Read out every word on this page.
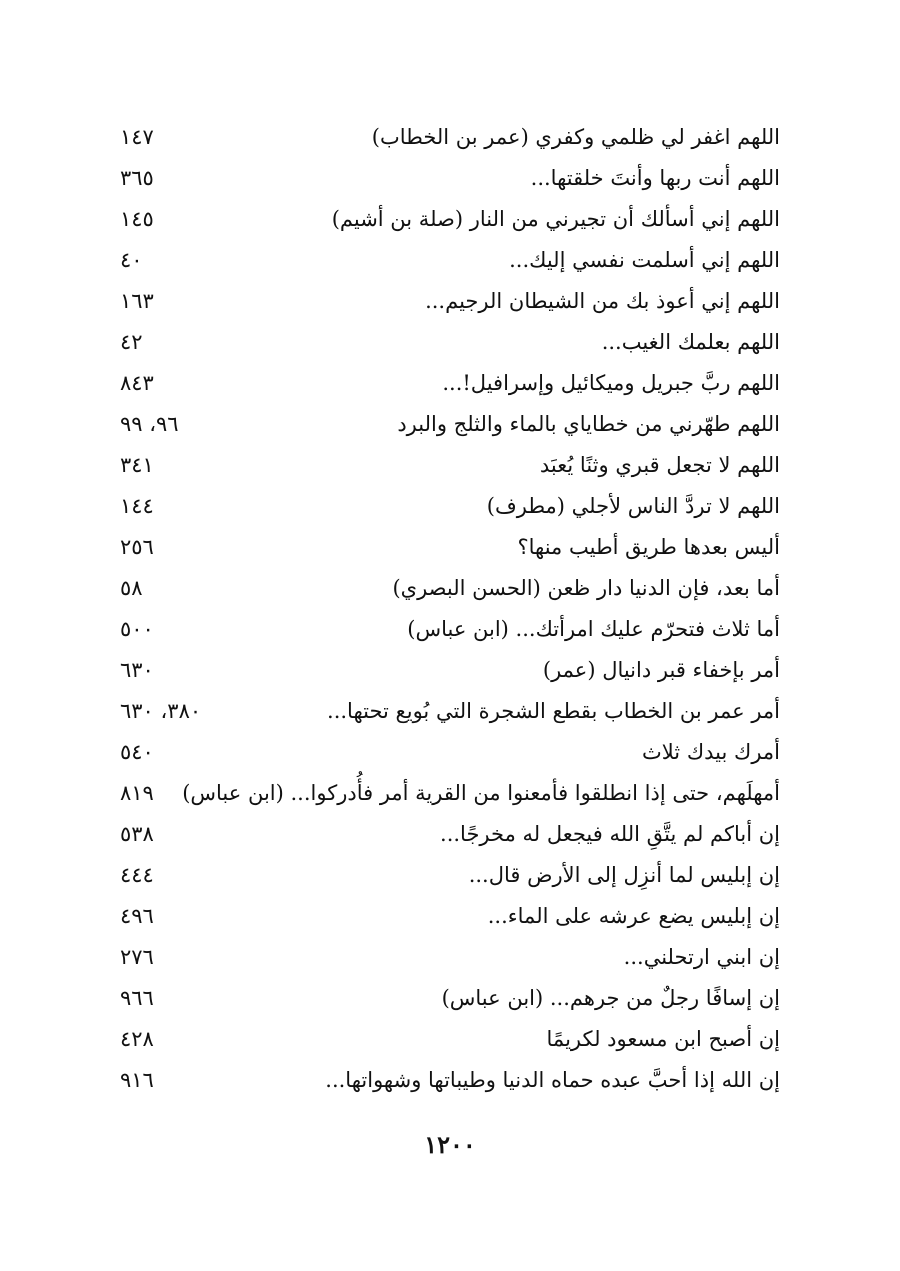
اللهم اغفر لي ظلمي وكفري (عمر بن الخطاب)
١٤٧
اللهم أنت ربها وأنتَ خلقتها...
٣٦٥
اللهم إني أسألك أن تجيرني من النار (صلة بن أشيم)
١٤٥
اللهم إني أسلمت نفسي إليك...
٤٠
اللهم إني أعوذ بك من الشيطان الرجيم...
١٦٣
اللهم بعلمك الغيب...
٤٢
اللهم ربَّ جبريل وميكائيل وإسرافيل!...
٨٤٣
اللهم طهّرني من خطاياي بالماء والثلج والبرد
٩٦، ٩٩
اللهم لا تجعل قبري وثنًا يُعبَد
٣٤١
اللهم لا تردَّ الناس لأجلي (مطرف)
١٤٤
أليس بعدها طريق أطيب منها؟
٢٥٦
أما بعد، فإن الدنيا دار ظعن (الحسن البصري)
٥٨
أما ثلاث فتحرّم عليك امرأتك... (ابن عباس)
٥٠٠
أمر بإخفاء قبر دانيال (عمر)
٦٣٠
أمر عمر بن الخطاب بقطع الشجرة التي بُويع تحتها...
٣٨٠، ٦٣٠
أمرك بيدك ثلاث
٥٤٠
أمهلَهم، حتى إذا انطلقوا فأمعنوا من القرية أمر فأُدركوا... (ابن عباس)
٨١٩
إن أباكم لم يتَّقِ الله فيجعل له مخرجًا...
٥٣٨
إن إبليس لما أنزِل إلى الأرض قال...
٤٤٤
إن إبليس يضع عرشه على الماء...
٤٩٦
إن ابني ارتحلني...
٢٧٦
إن إسافًا رجلٌ من جرهم... (ابن عباس)
٩٦٦
إن أصبح ابن مسعود لكريمًا
٤٢٨
إن الله إذا أحبَّ عبده حماه الدنيا وطيباتها وشهواتها...
٩١٦
١٢٠٠
